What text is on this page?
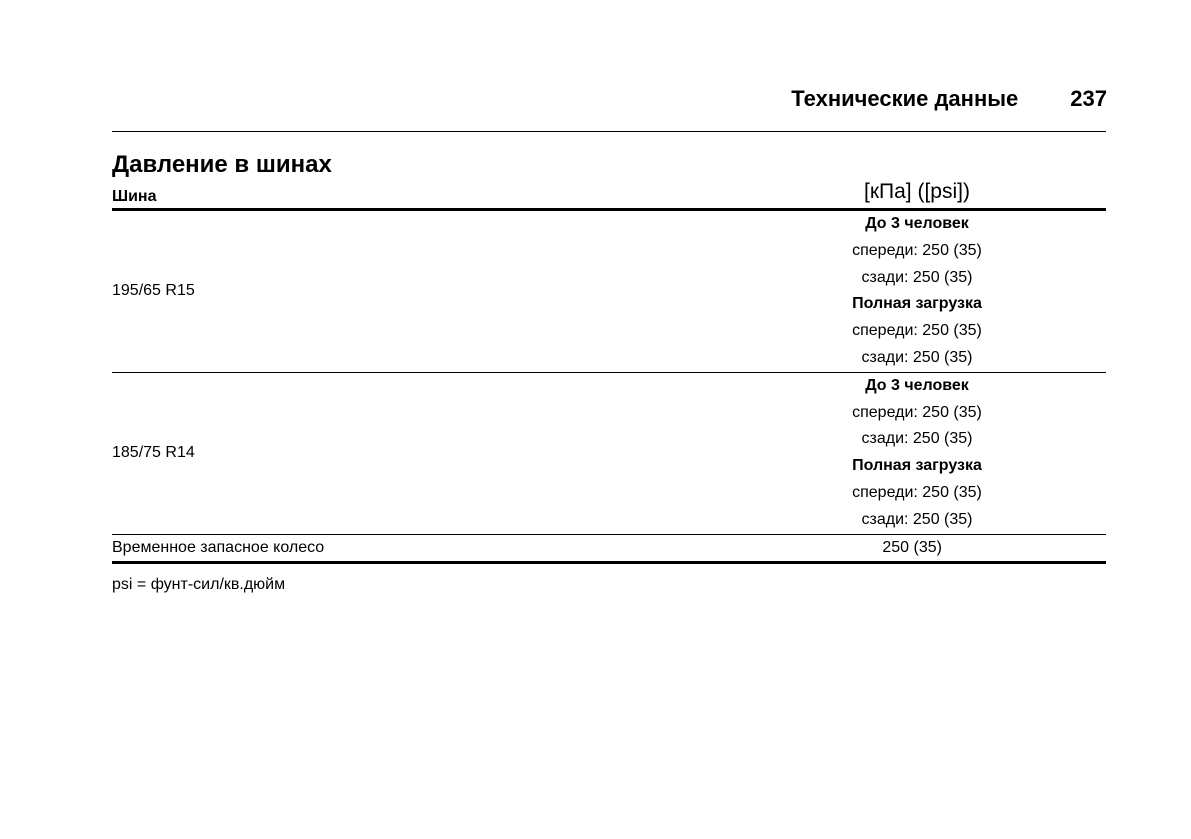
Технические данные 237
Давление в шинах
Шина	[кПа] ([psi])
195/65 R15
До 3 человек
спереди: 250 (35)
сзади: 250 (35)
Полная загрузка
спереди: 250 (35)
сзади: 250 (35)
185/75 R14
До 3 человек
спереди: 250 (35)
сзади: 250 (35)
Полная загрузка
спереди: 250 (35)
сзади: 250 (35)
Временное запасное колесо	250 (35)
psi = фунт-сил/кв.дюйм
